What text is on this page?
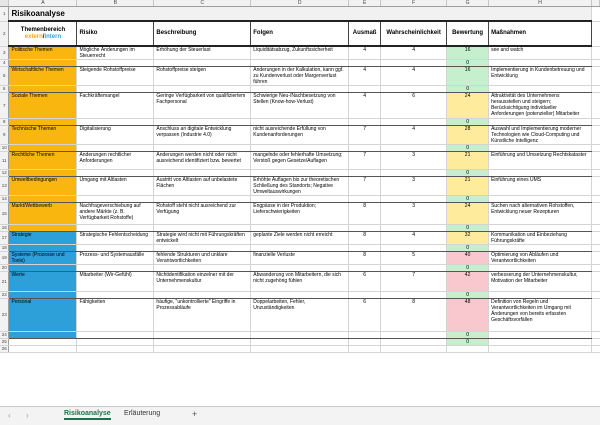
	A	B	C	D	E	F	G	H	
1	Risikoanalyse								
2	Themenbereich
extern/intern	Risiko	Beschreibung	Folgen	Ausmaß	Wahrscheinlichkeit	Bewertung	Maßnahmen	
3	Politische Themen	Mögliche Änderungen im Steuerrecht	Erhöhung der Steuerlast	Liquiditätsabzug, Zukunftssicherheit	4	4	16	see and watch	
4							0		
5	Wirtschaftliche Themen	Steigende Rohstoffpreise	Rohstoffpreise steigen	Änderungen in der Kalkulation, kann ggf. zu Kundenverlust oder Margenverlust führen	4	4	16	Implementierung in Kundenbetreuung und Entwicklung	
6							0		
7	Soziale Themen	Fachkräftemangel	Geringe Verfügbarkeit von qualifiziertem Fachpersonal	Schwierige Neu-/Nachbesetzung von Stellen (Know-how-Verlust)	4	6	24	Attraktivität des Unternehmens herausstellen und steigern; Berücksichtigung individueller Anforderungen (potenzieller) Mitarbeiter	
8							0		
9	Technische Themen	Digitalisierung	Anschluss an digitale Entwicklung verpassen (Industrie 4.0)	nicht ausreichende Erfüllung von Kundenanforderungen	7	4	28	Auswahl und Implementierung moderner Technologien wie Cloud-Computing und Künstliche Intelligenz	
10							0		
11	Rechtliche Themen	Änderungen rechtlicher Anforderungen	Änderungen werden nicht oder nicht ausreichend identifiziert bzw. bewertet	mangelnde oder fehlerhafte Umsetzung; Verstoß gegen Gesetze/Auflagen	7	3	21	Einführung und Umsetzung Rechtskataster	
12							0		
13	Umweltbedingungen	Umgang mit Altlasten	Austritt von Altlasten auf unbelastete Flächen	Erhöhte Auflagen bis zur theoretischen Schließung des Standorts; Negative Umweltauswirkungen	7	3	21	Einführung eines UMS	
14							0		
15	Markt/Wettbewerb	Nachfrageverschiebung auf andere Märkte (z. B. Verfügbarkeit Rohstoffe)	Rohstoff steht nicht ausreichend zur Verfügung	Engpässe in der Produktion; Lieferschwierigkeiten	8	3	24	Suchen nach alternativen Rohstoffen, Entwicklung neuer Rezepturen	
16							0		
17	Strategie	Strategische Fehlentscheidung	Strategie wird nicht mit Führungskräften entwickelt	geplante Ziele werden nicht erreicht	8	4	32	Kommunikation und Einbeziehung Führungskräfte	
18							0		
19	Systeme (Prozesse und Tools)	Prozess- und Systemausfälle	fehlende Strukturen und unklare Verantwortlichkeiten	finanzielle Verluste	8	5	40	Optimierung von Abläufen und Verantwortlichkeiten	
20							0		
21	Werte	Mitarbeiter (Wir-Gefühl)	Nichtidentifikation einzelner mit der Unternehmenskultur	Abwanderung von Mitarbeitern, die sich nicht zugehörig fühlen	6	7	42	verbesserung der Unternehmenskultur, Motivation der Mitarbeiter	
22							0		
23	Personal	Fähigkeiten	häufige, "unkontrollierte" Eingriffe in Prozessabläufe	Doppelarbeiten, Fehler, Unzuständigkeiten	6	8	48	Definition von Regeln und Verantwortlichkeiten im Umgang mit Änderungen von bereits erfassten Geschäftsvorfällen	
24							0		
25							0		
26									
‹ ›	Risikoanalyse Erläuterung	+
